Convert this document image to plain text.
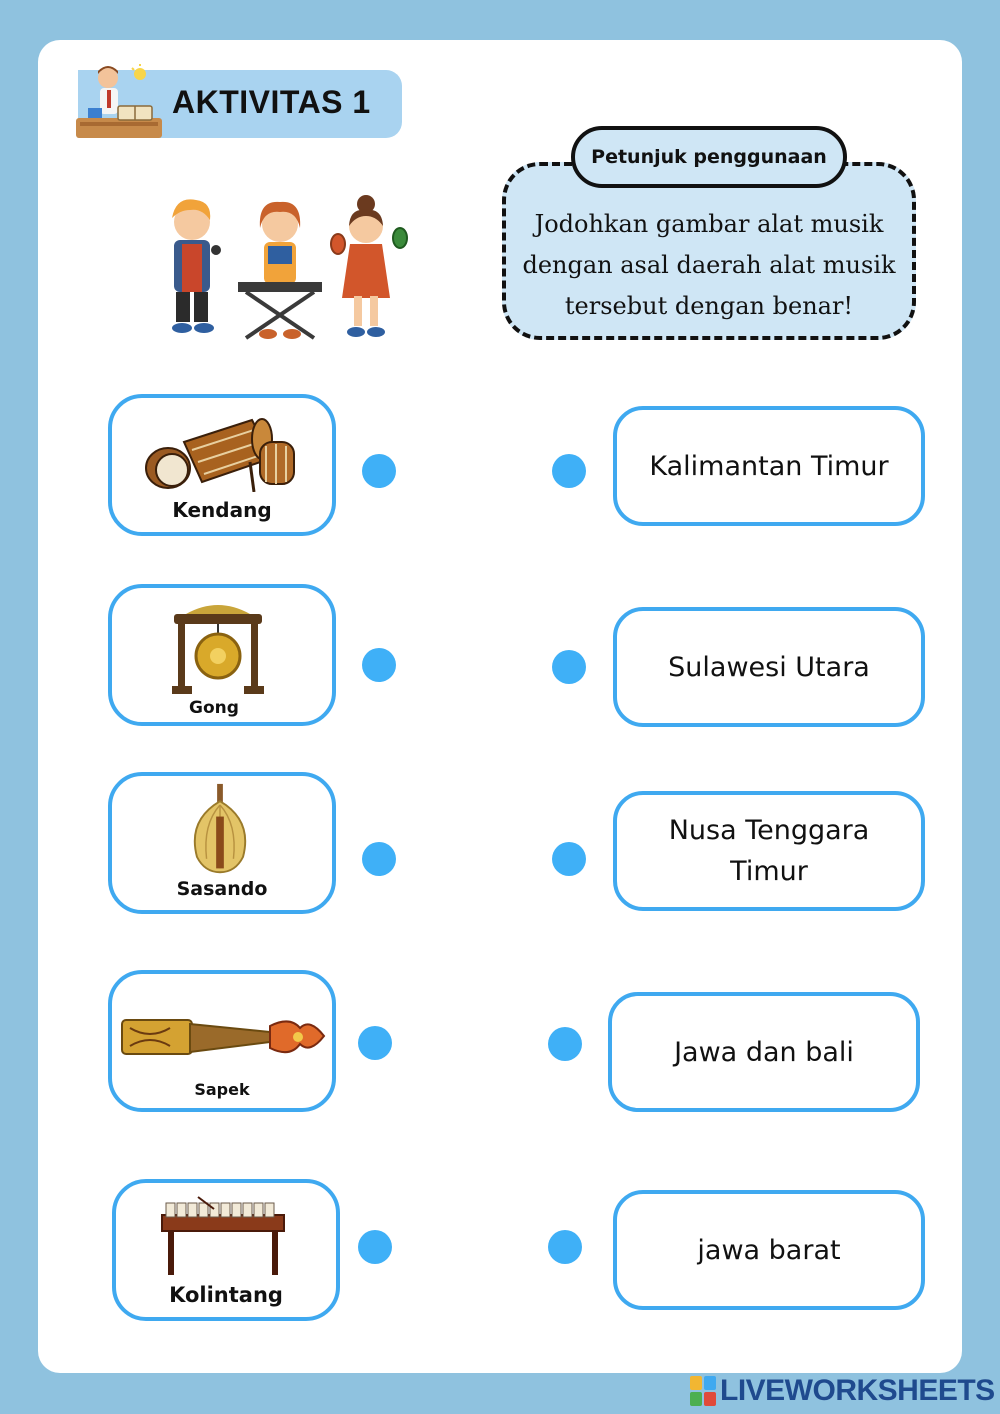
AKTIVITAS 1
Petunjuk penggunaan
Jodohkan gambar alat musik dengan asal daerah alat musik tersebut dengan benar!
Kendang
Gong
Sasando
Sapek
Kolintang
Kalimantan Timur
Sulawesi Utara
Nusa Tenggara Timur
Jawa dan bali
jawa barat
LIVEWORKSHEETS
